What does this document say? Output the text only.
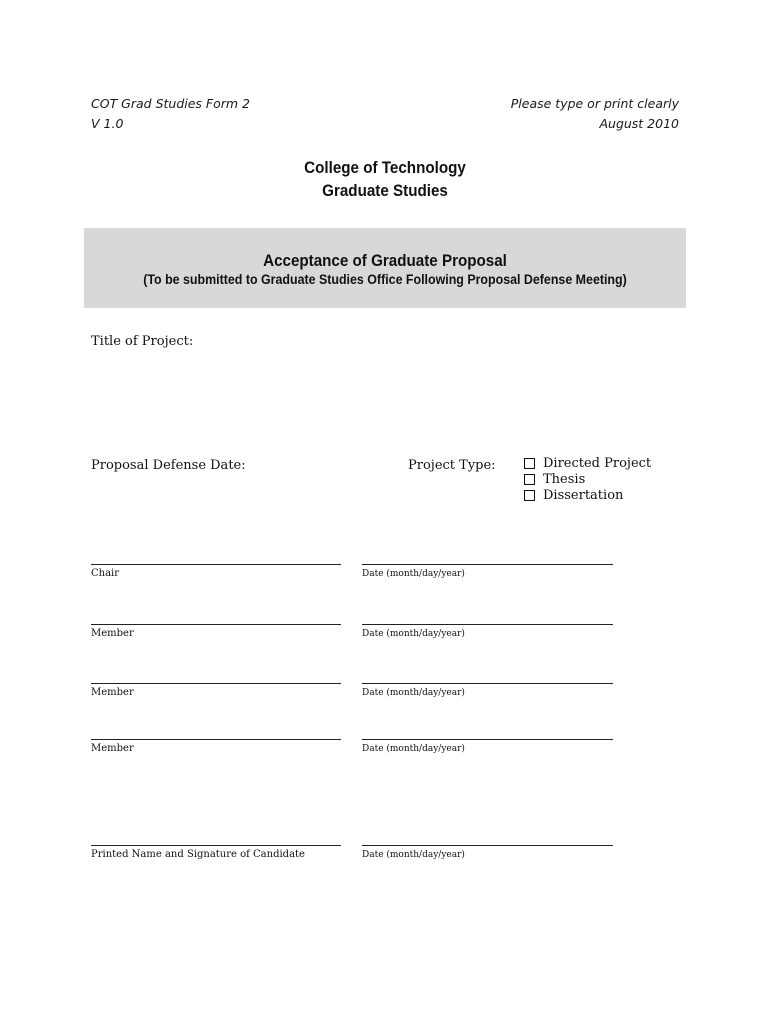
COT Grad Studies Form 2
V 1.0
Please type or print clearly
August 2010
College of Technology
Graduate Studies
Acceptance of Graduate Proposal
(To be submitted to Graduate Studies Office Following Proposal Defense Meeting)
Title of Project:
Proposal Defense Date:	Project Type:	Directed Project
Thesis
Dissertation
Chair	Date (month/day/year)
Member	Date (month/day/year)
Member	Date (month/day/year)
Member	Date (month/day/year)
Printed Name and Signature of Candidate	Date (month/day/year)
